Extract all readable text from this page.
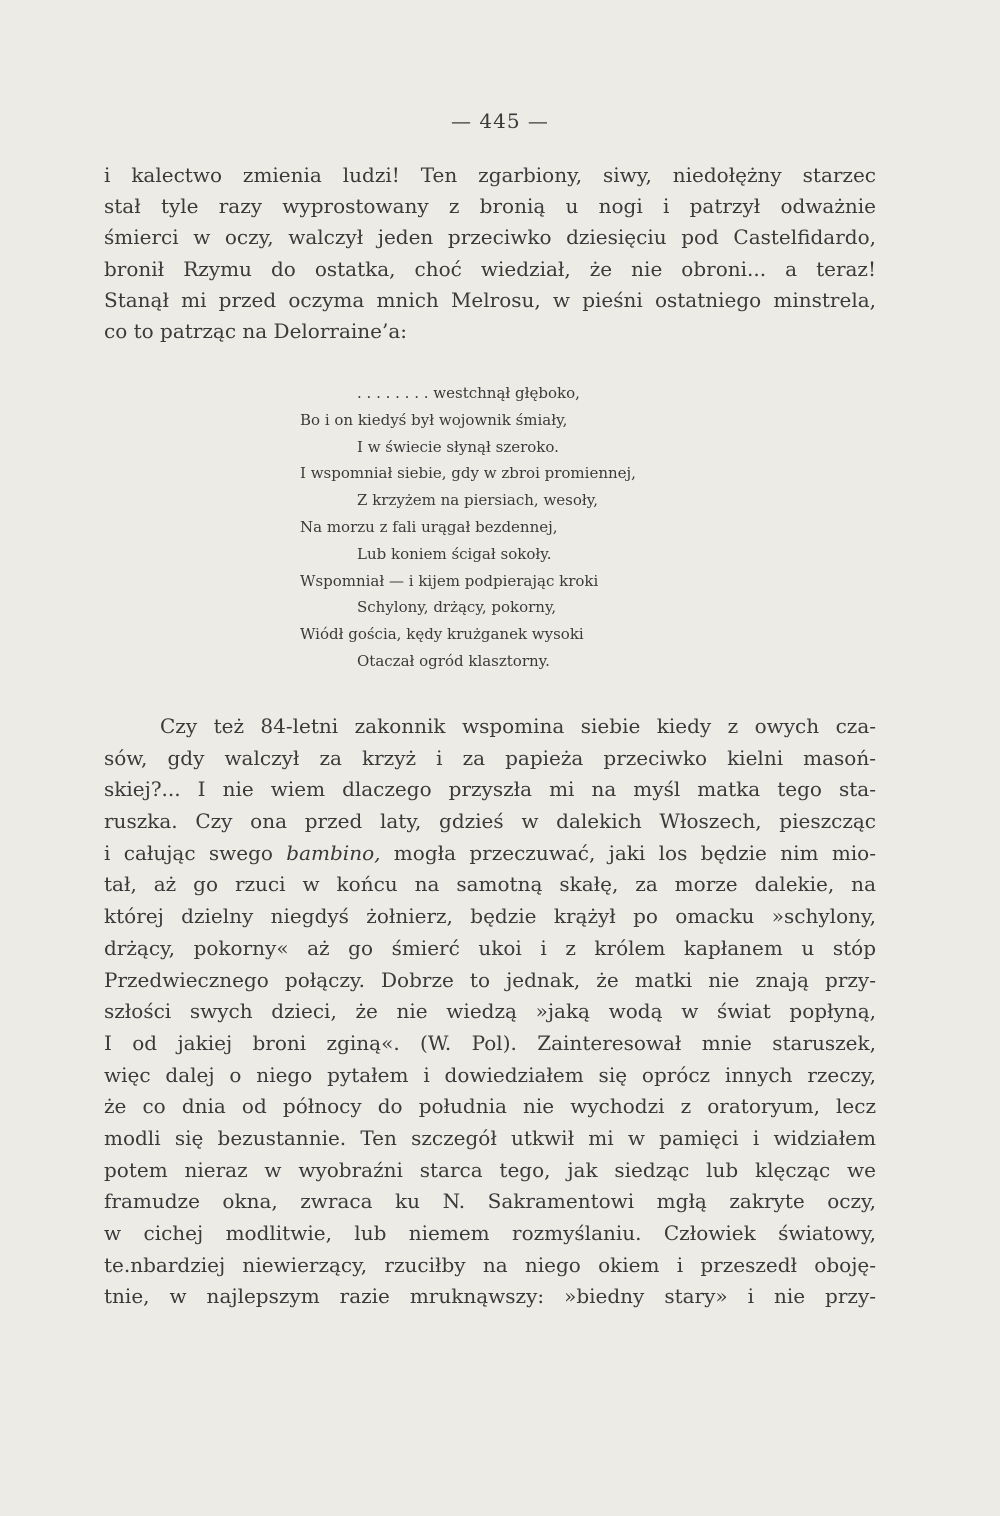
— 445 —
i kalectwo zmienia ludzi! Ten zgarbiony, siwy, niedołężny starzec
stał tyle razy wyprostowany z bronią u nogi i patrzył odważnie
śmierci w oczy, walczył jeden przeciwko dziesięciu pod Castelfidardo,
bronił Rzymu do ostatka, choć wiedział, że nie obroni... a teraz!
Stanął mi przed oczyma mnich Melrosu, w pieśni ostatniego minstrela,
co to patrząc na Delorraine’a:
. . . . . . . . westchnął głęboko,
Bo i on kiedyś był wojownik śmiały,
I w świecie słynął szeroko.
I wspomniał siebie, gdy w zbroi promiennej,
Z krzyżem na piersiach, wesoły,
Na morzu z fali urągał bezdennej,
Lub koniem ścigał sokoły.
Wspomniał — i kijem podpierając kroki
Schylony, drżący, pokorny,
Wiódł gościa, kędy krużganek wysoki
Otaczał ogród klasztorny.
Czy też 84-letni zakonnik wspomina siebie kiedy z owych cza-
sów, gdy walczył za krzyż i za papieża przeciwko kielni masoń-
skiej?... I nie wiem dlaczego przyszła mi na myśl matka tego sta-
ruszka. Czy ona przed laty, gdzieś w dalekich Włoszech, pieszcząc
i całując swego bambino, mogła przeczuwać, jaki los będzie nim mio-
tał, aż go rzuci w końcu na samotną skałę, za morze dalekie, na
której dzielny niegdyś żołnierz, będzie krążył po omacku »schylony,
drżący, pokorny« aż go śmierć ukoi i z królem kapłanem u stóp
Przedwiecznego połączy. Dobrze to jednak, że matki nie znają przy-
szłości swych dzieci, że nie wiedzą »jaką wodą w świat popłyną,
I od jakiej broni zginą«. (W. Pol). Zainteresował mnie staruszek,
więc dalej o niego pytałem i dowiedziałem się oprócz innych rzeczy,
że co dnia od północy do południa nie wychodzi z oratoryum, lecz
modli się bezustannie. Ten szczegół utkwił mi w pamięci i widziałem
potem nieraz w wyobraźni starca tego, jak siedząc lub klęcząc we
framudze okna, zwraca ku N. Sakramentowi mgłą zakryte oczy,
w cichej modlitwie, lub niemem rozmyślaniu. Człowiek światowy,
te.nbardziej niewierzący, rzuciłby na niego okiem i przeszedł oboję-
tnie, w najlepszym razie mruknąwszy: »biedny stary» i nie przy-
